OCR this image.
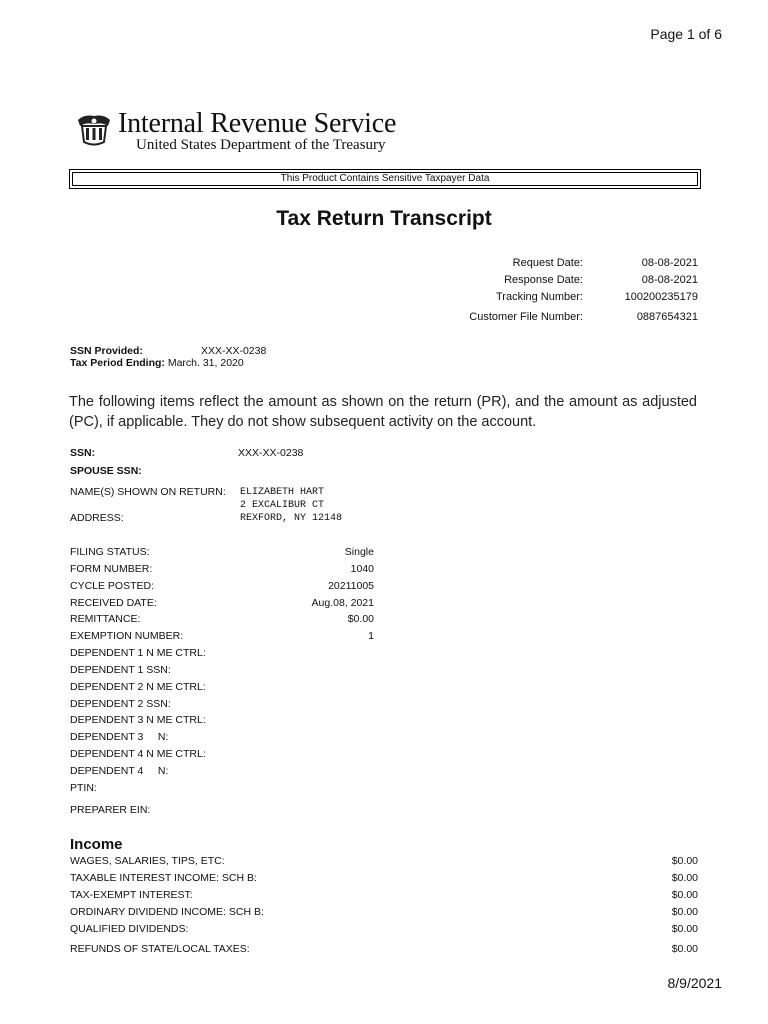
Page 1 of 6
Internal Revenue Service
United States Department of the Treasury
This Product Contains Sensitive Taxpayer Data
Tax Return Transcript
Request Date:	08-08-2021
Response Date:	08-08-2021
Tracking Number:	100200235179
Customer File Number:	0887654321
SSN Provided:	XXX-XX-0238
Tax Period Ending: March. 31, 2020
The following items reflect the amount as shown on the return (PR), and the amount as adjusted (PC), if applicable. They do not show subsequent activity on the account.
SSN:	XXX-XX-0238
SPOUSE SSN:
NAME(S) SHOWN ON RETURN: ELIZABETH HART
2 EXCALIBUR CT
ADDRESS:	REXFORD, NY 12148
FILING STATUS:	Single
FORM NUMBER:	1040
CYCLE POSTED:	20211005
RECEIVED DATE:	Aug.08, 2021
REMITTANCE:	$0.00
EXEMPTION NUMBER:	1
DEPENDENT 1 N ME CTRL:
DEPENDENT 1 SSN:
DEPENDENT 2 N ME CTRL:
DEPENDENT 2 SSN:
DEPENDENT 3 N ME CTRL:
DEPENDENT 3     N:
DEPENDENT 4 N ME CTRL:
DEPENDENT 4     N:
PTIN:
PREPARER EIN:
Income
WAGES, SALARIES, TIPS, ETC:	$0.00
TAXABLE INTEREST INCOME: SCH B:	$0.00
TAX-EXEMPT INTEREST:	$0.00
ORDINARY DIVIDEND INCOME: SCH B:	$0.00
QUALIFIED DIVIDENDS:	$0.00
REFUNDS OF STATE/LOCAL TAXES:	$0.00
8/9/2021
